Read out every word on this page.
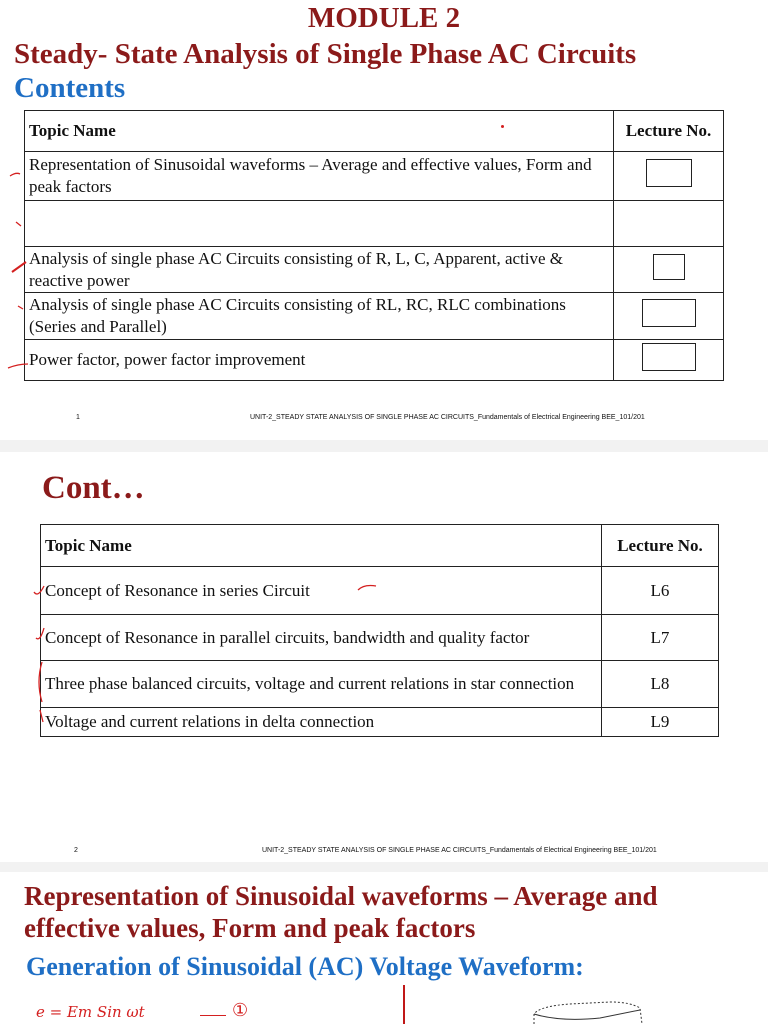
MODULE 2
Steady- State Analysis of Single Phase AC Circuits
Contents
Topic Name	Lecture No.
Representation of Sinusoidal waveforms – Average and effective values, Form and peak factors	

Analysis of single phase AC Circuits consisting of R, L, C, Apparent, active & reactive power	
Analysis of single phase AC Circuits consisting of RL, RC, RLC combinations (Series and Parallel)	
Power factor, power factor improvement	
1	UNIT-2_STEADY STATE ANALYSIS OF SINGLE PHASE AC CIRCUITS_Fundamentals of Electrical Engineering BEE_101/201
Cont…
Topic Name	Lecture No.
Concept of Resonance in series Circuit	L6
Concept of Resonance in parallel circuits, bandwidth and quality factor	L7
Three phase balanced circuits, voltage and current relations in star connection	L8
Voltage and current relations in delta connection	L9
2	UNIT-2_STEADY STATE ANALYSIS OF SINGLE PHASE AC CIRCUITS_Fundamentals of Electrical Engineering BEE_101/201
Representation of Sinusoidal waveforms – Average and effective values, Form and peak factors
Generation of Sinusoidal (AC) Voltage Waveform:
e = Em Sin ωt	①
